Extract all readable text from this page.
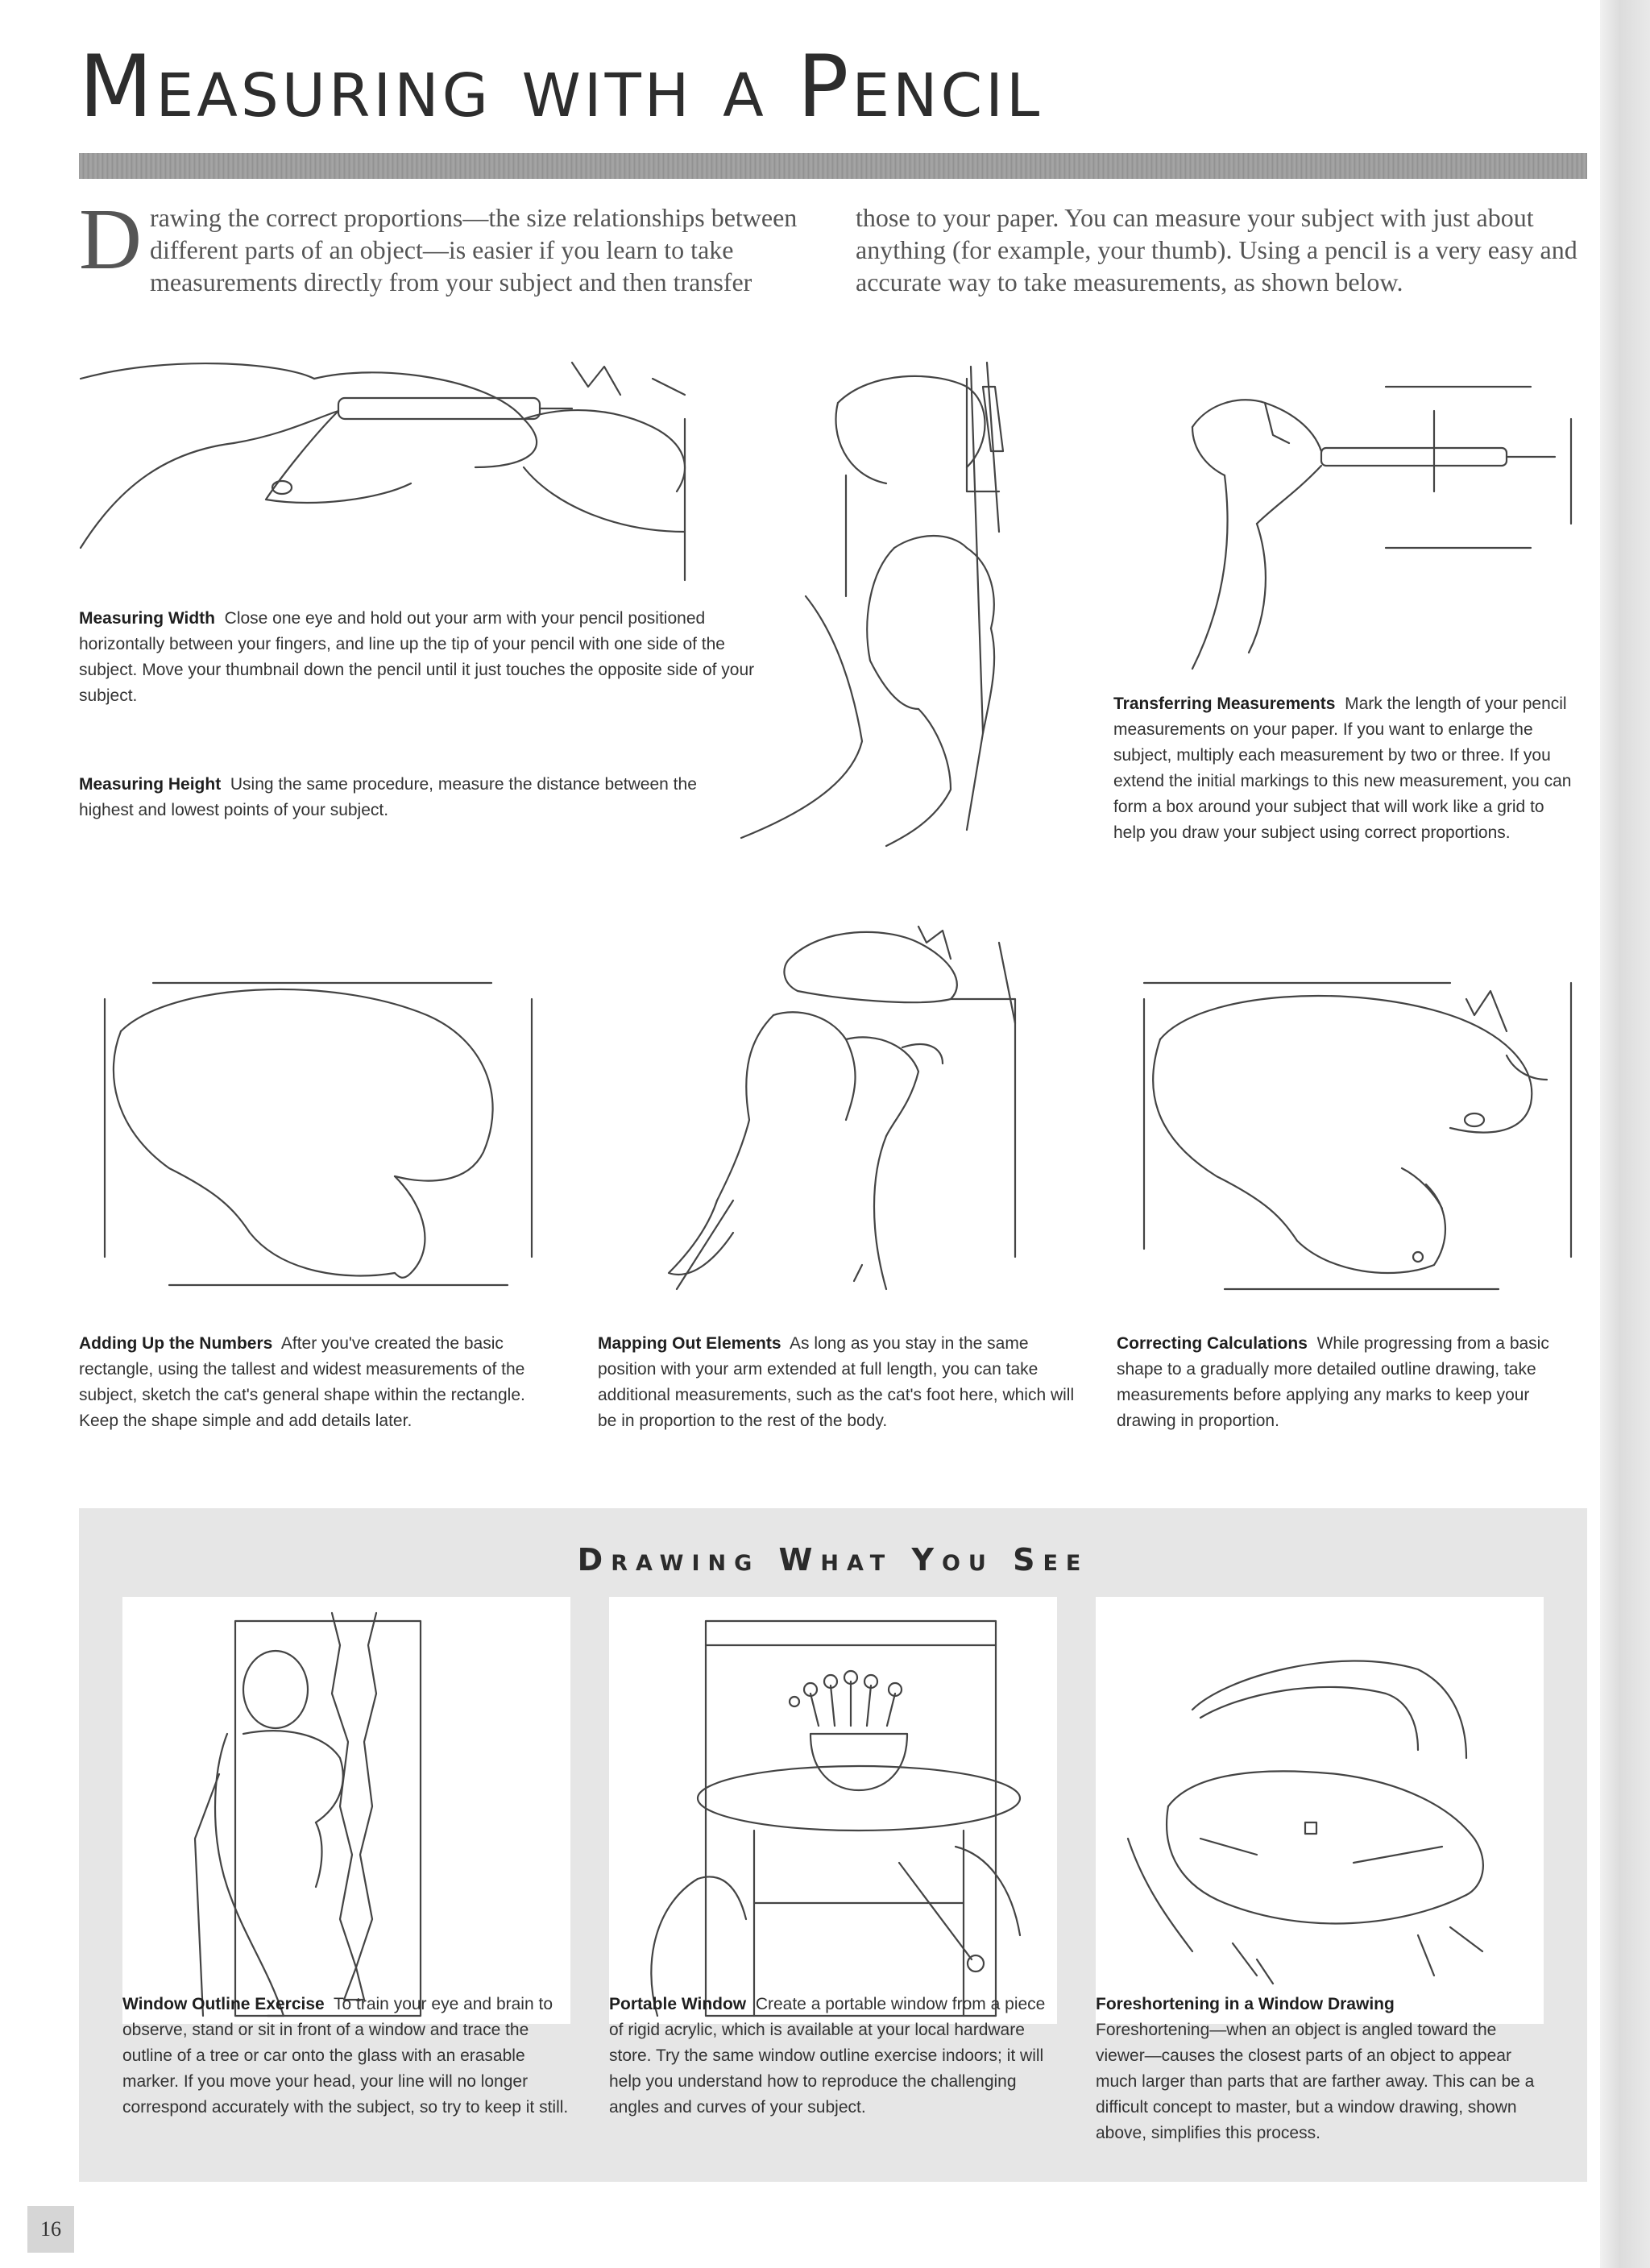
Measuring with a Pencil

D rawing the correct proportions—the size relationships between different parts of an object—is easier if you learn to take measurements directly from your subject and then transfer

those to your paper. You can measure your subject with just about anything (for example, your thumb). Using a pencil is a very easy and accurate way to take measurements, as shown below.

Measuring Width Close one eye and hold out your arm with your pencil positioned horizontally between your fingers, and line up the tip of your pencil with one side of the subject. Move your thumbnail down the pencil until it just touches the opposite side of your subject.

Measuring Height Using the same procedure, measure the distance between the highest and lowest points of your subject.

Transferring Measurements Mark the length of your pencil measurements on your paper. If you want to enlarge the subject, multiply each measurement by two or three. If you extend the initial markings to this new measurement, you can form a box around your subject that will work like a grid to help you draw your subject using correct proportions.

Adding Up the Numbers After you've created the basic rectangle, using the tallest and widest measurements of the subject, sketch the cat's general shape within the rectangle. Keep the shape simple and add details later.

Mapping Out Elements As long as you stay in the same position with your arm extended at full length, you can take additional measurements, such as the cat's foot here, which will be in proportion to the rest of the body.

Correcting Calculations While progressing from a basic shape to a gradually more detailed outline drawing, take measurements before applying any marks to keep your drawing in proportion.

Drawing What You See

Window Outline Exercise To train your eye and brain to observe, stand or sit in front of a window and trace the outline of a tree or car onto the glass with an erasable marker. If you move your head, your line will no longer correspond accurately with the subject, so try to keep it still.

Portable Window Create a portable window from a piece of rigid acrylic, which is available at your local hardware store. Try the same window outline exercise indoors; it will help you understand how to reproduce the challenging angles and curves of your subject.

Foreshortening in a Window Drawing
Foreshortening—when an object is angled toward the viewer—causes the closest parts of an object to appear much larger than parts that are farther away. This can be a difficult concept to master, but a window drawing, shown above, simplifies this process.

16
